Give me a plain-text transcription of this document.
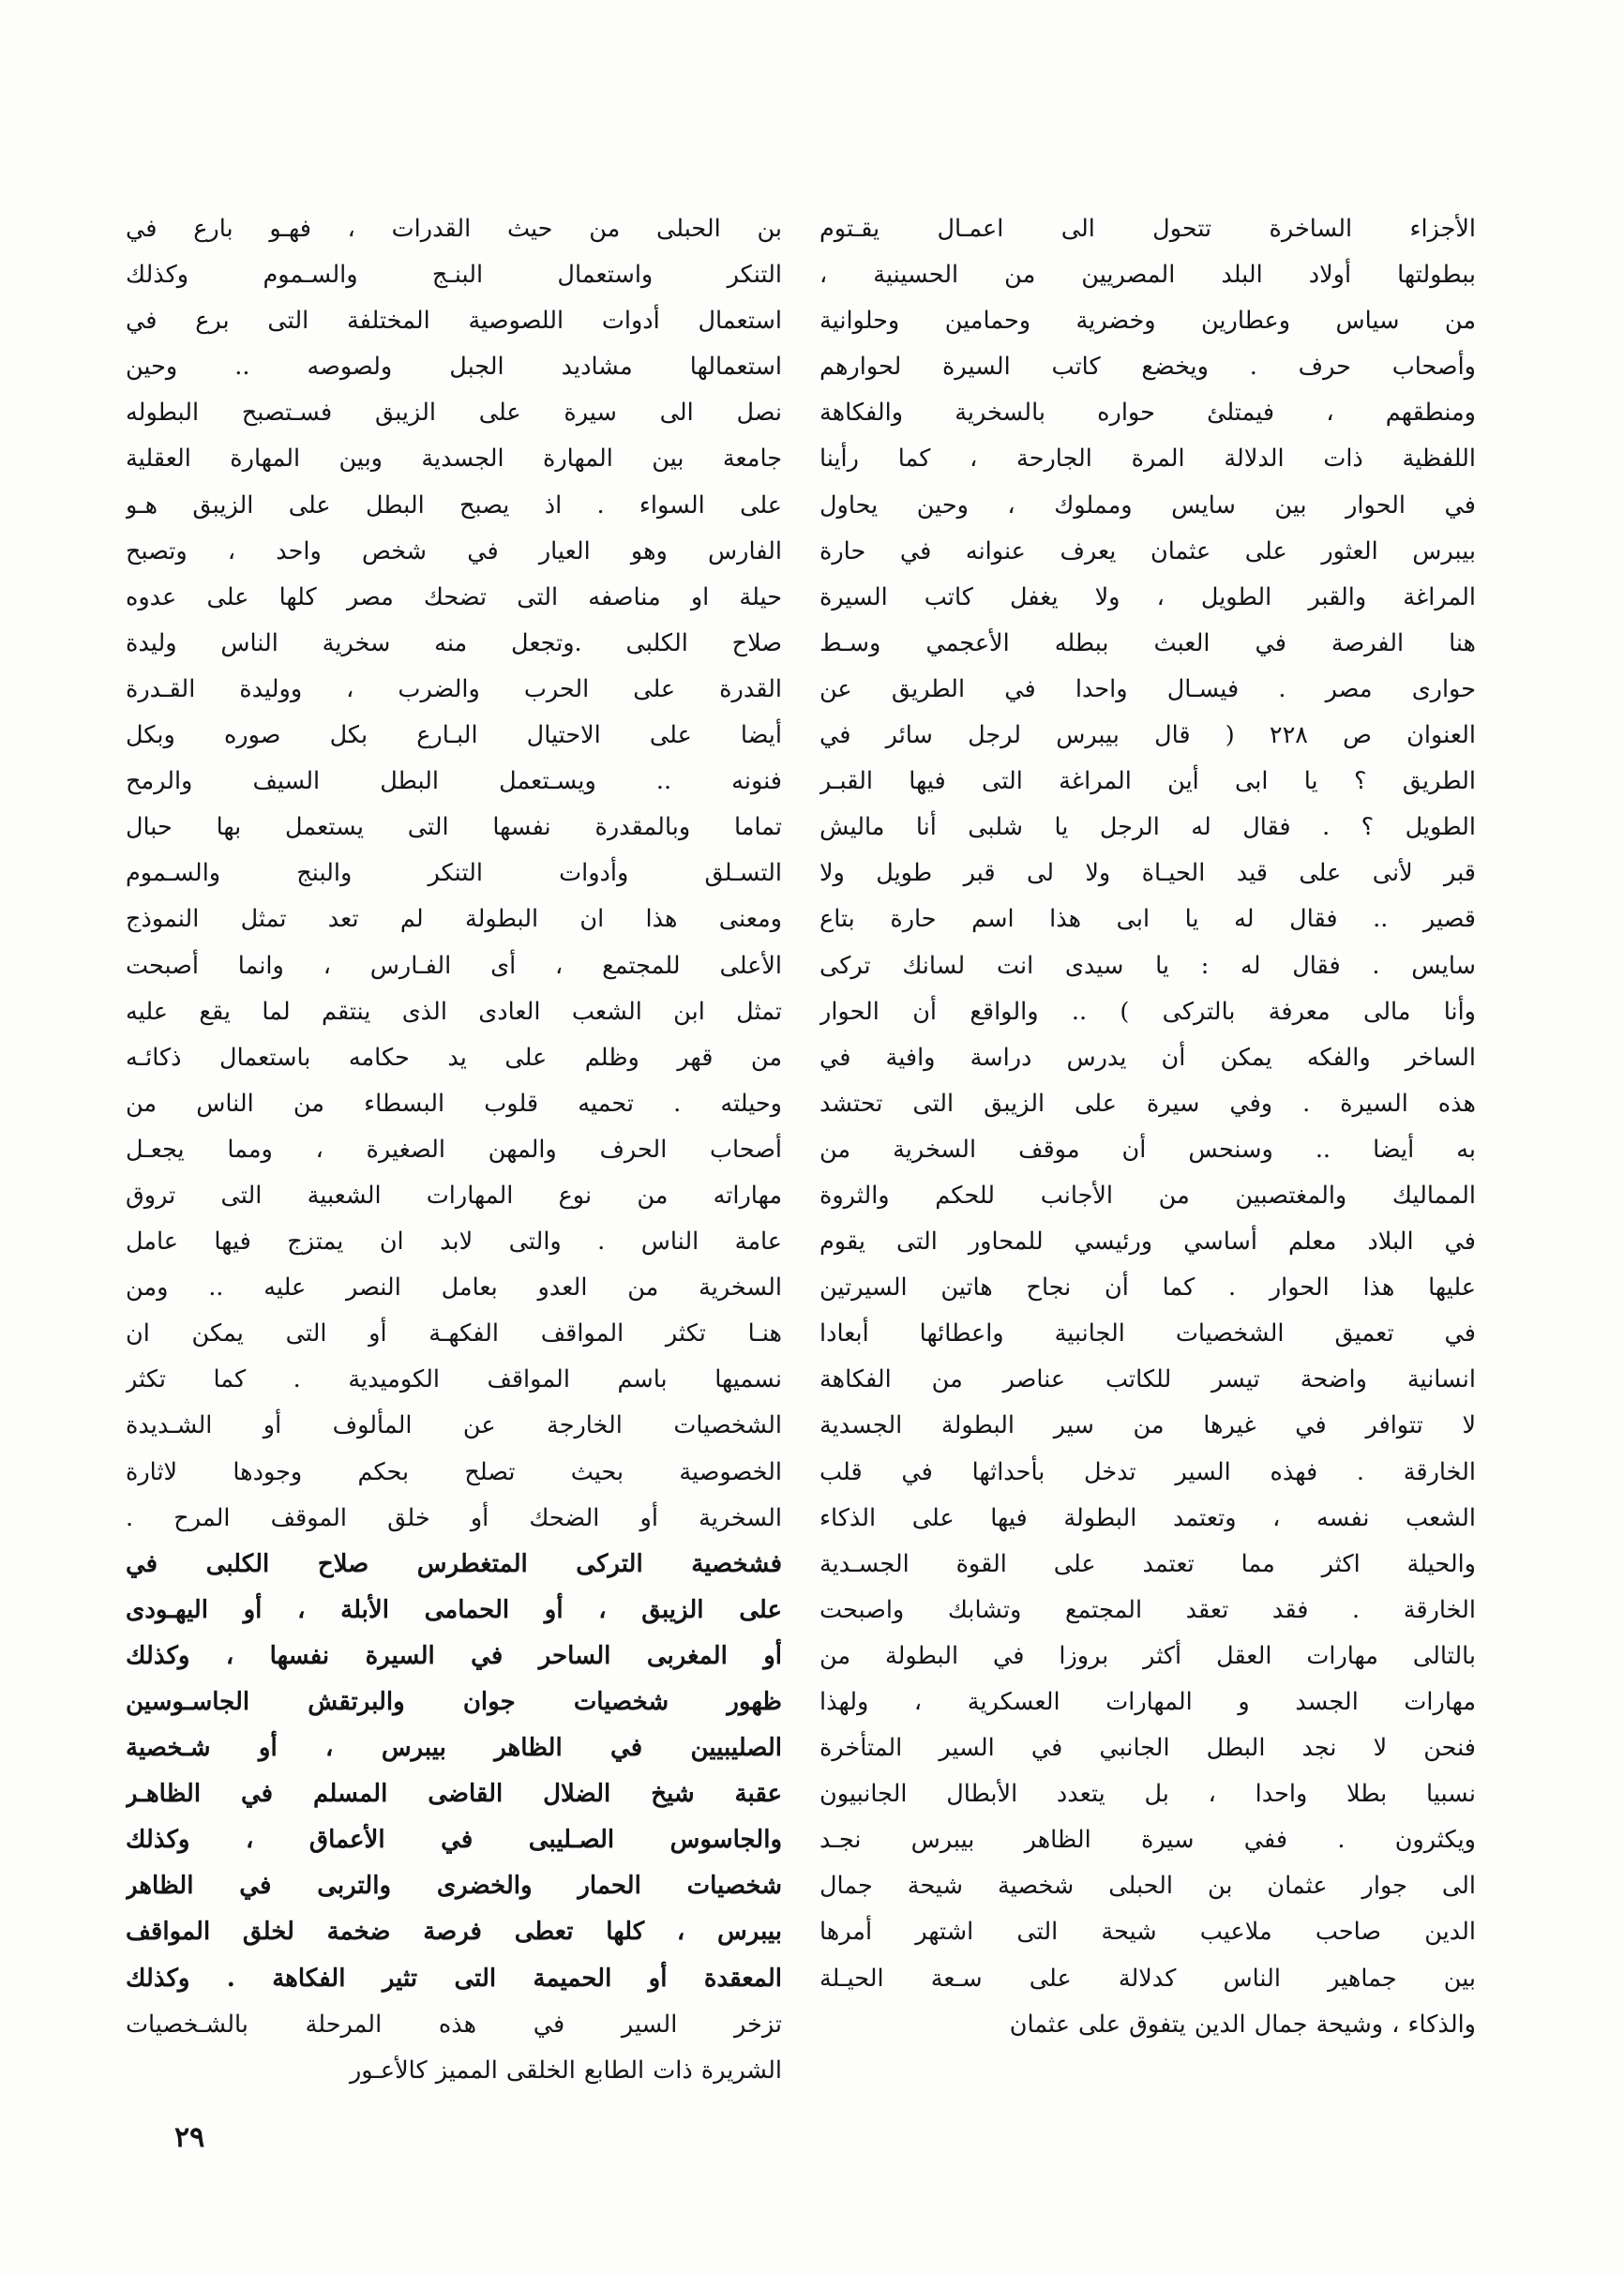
الأجزاء الساخرة تتحول الى اعمـال يقـتوم
ببطولتها أولاد البلد المصريين من الحسينية ،
من سياس وعطارين وخضرية وحمامين وحلوانية
وأصحاب حرف . ويخضع كاتب السيرة لحوارهم
ومنطقهم ، فيمتلئ حواره بالسخرية والفكاهة
اللفظية ذات الدلالة المرة الجارحة ، كما رأينا
في الحوار بين سايس ومملوك ، وحين يحاول
بيبرس العثور على عثمان يعرف عنوانه في حارة
المراغة والقبر الطويل ، ولا يغفل كاتب السيرة
هنا الفرصة في العبث ببطله الأعجمي وسـط
حوارى مصر . فيسـال واحدا في الطريق عن
العنوان ص ٢٢٨ ( قال بيبرس لرجل سائر في
الطريق ؟ يا ابى أين المراغة التى فيها القبـر
الطويل ؟ . فقال له الرجل يا شلبى أنا ماليش
قبر لأنى على قيد الحيـاة ولا لى قبر طويل ولا
قصير .. فقال له يا ابى هذا اسم حارة بتاع
سايس . فقال له : يا سيدى انت لسانك تركى
وأنا مالى معرفة بالتركى ) .. والواقع أن الحوار
الساخر والفكه يمكن أن يدرس دراسة وافية في
هذه السيرة . وفي سيرة على الزيبق التى تحتشد
به أيضا .. وسنحس أن موقف السخرية من
المماليك والمغتصبين من الأجانب للحكم والثروة
في البلاد معلم أساسي ورئيسي للمحاور التى يقوم
عليها هذا الحوار . كما أن نجاح هاتين السيرتين
في تعميق الشخصيات الجانبية واعطائها أبعادا
انسانية واضحة تيسر للكاتب عناصر من الفكاهة
لا تتوافر في غيرها من سير البطولة الجسدية
الخارقة . فهذه السير تدخل بأحداثها في قلب
الشعب نفسه ، وتعتمد البطولة فيها على الذكاء
والحيلة اكثر مما تعتمد على القوة الجسـدية
الخارقة . فقد تعقد المجتمع وتشابك واصبحت
بالتالى مهارات العقل أكثر بروزا في البطولة من
مهارات الجسد و المهارات العسكرية ، ولهذا
فنحن لا نجد البطل الجانبي في السير المتأخرة
نسبيا بطلا واحدا ، بل يتعدد الأبطال الجانبيون
ويكثرون . ففي سيرة الظاهر بيبرس نجـد
الى جوار عثمان بن الحبلى شخصية شيحة جمال
الدين صاحب ملاعيب شيحة التى اشتهر أمرها
بين جماهير الناس كدلالة على سـعة الحيـلة
والذكاء ، وشيحة جمال الدين يتفوق على عثمان
بن الحبلى من حيث القدرات ، فهـو بارع في
التنكر واستعمال البنـج والسـموم وكذلك
استعمال أدوات اللصوصية المختلفة التى برع في
استعمالها مشاديد الجبل ولصوصه .. وحين
نصل الى سيرة على الزيبق فسـتصبح البطوله
جامعة بين المهارة الجسدية وبين المهارة العقلية
على السواء . اذ يصبح البطل على الزيبق هـو
الفارس وهو العيار في شخص واحد ، وتصبح
حيلة او مناصفه التى تضحك مصر كلها على عدوه
صلاح الكلبى .وتجعل منه سخرية الناس وليدة
القدرة على الحرب والضرب ، ووليدة القـدرة
أيضا على الاحتيال البـارع بكل صوره وبكل
فنونه .. ويسـتعمل البطل السيف والرمح
تماما وبالمقدرة نفسها التى يستعمل بها حبال
التسـلق وأدوات التنكر والبنج والسـموم
ومعنى هذا ان البطولة لم تعد تمثل النموذج
الأعلى للمجتمع ، أى الفـارس ، وانما أصبحت
تمثل ابن الشعب العادى الذى ينتقم لما يقع عليه
من قهر وظلم على يد حكامه باستعمال ذكائـه
وحيلته . تحميه قلوب البسطاء من الناس من
أصحاب الحرف والمهن الصغيرة ، ومما يجعـل
مهاراته من نوع المهارات الشعبية التى تروق
عامة الناس . والتى لابد ان يمتزج فيها عامل
السخرية من العدو بعامل النصر عليه .. ومن
هنـا تكثر المواقف الفكهـة أو التى يمكن ان
نسميها باسم المواقف الكوميدية . كما تكثر
الشخصيات الخارجة عن المألوف أو الشـديدة
الخصوصية بحيث تصلح بحكم وجودها لاثارة
السخرية أو الضحك أو خلق الموقف المرح .
فشخصية التركى المتغطرس صلاح الكلبى في
على الزيبق ، أو الحمامى الأبلة ، أو اليهـودى
أو المغربى الساحر في السيرة نفسها ، وكذلك
ظهور شخصيات جوان والبرتقش الجاسـوسين
الصليبيين في الظاهر بيبرس ، أو شـخصية
عقبة شيخ الضلال القاضى المسلم في الظاهـر
والجاسوس الصـليبى في الأعماق ، وكذلك
شخصيات الحمار والخضرى والتربى في الظاهر
بيبرس ، كلها تعطى فرصة ضخمة لخلق المواقف
المعقدة أو الحميمة التى تثير الفكاهة . وكذلك
تزخر السير في هذه المرحلة بالشـخصيات
الشريرة ذات الطابع الخلقى المميز كالأعـور
٢٩
